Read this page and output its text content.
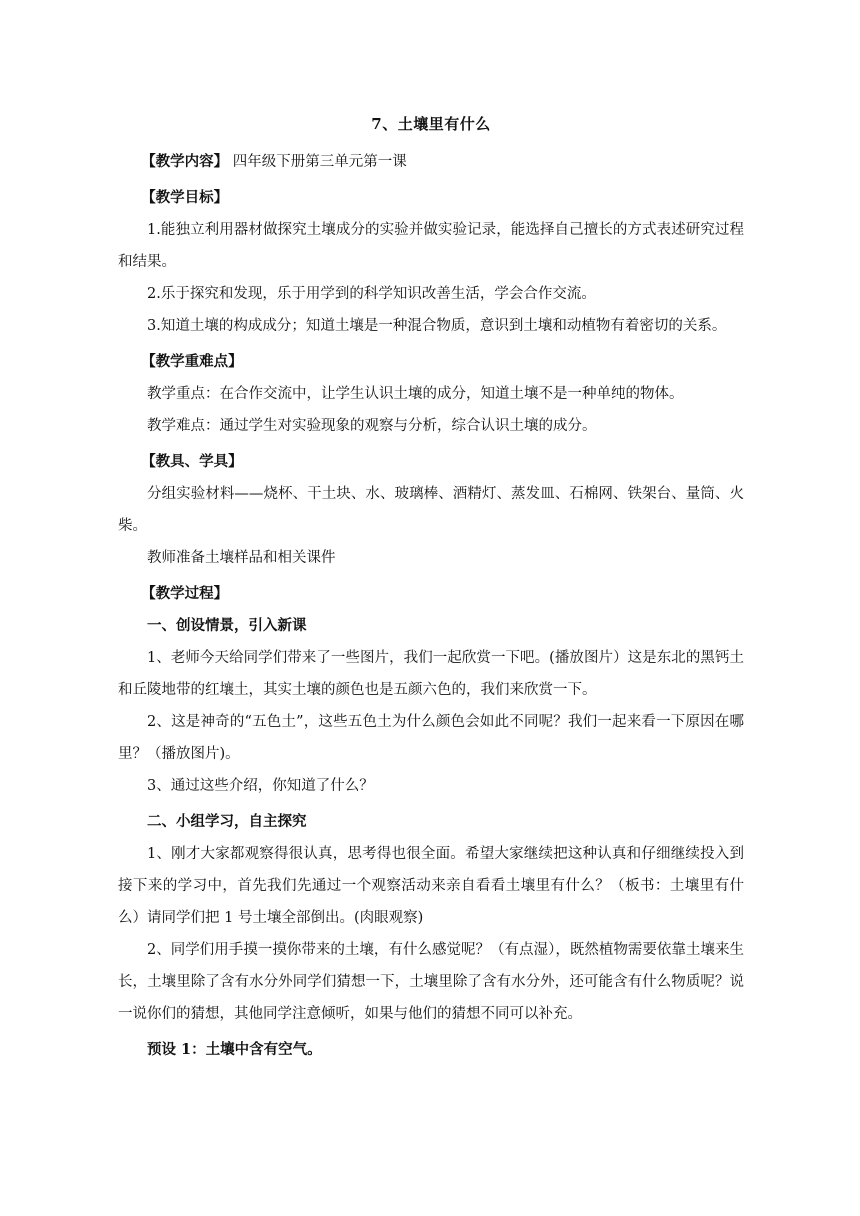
7、土壤里有什么

【教学内容】 四年级下册第三单元第一课

【教学目标】

1.能独立利用器材做探究土壤成分的实验并做实验记录，能选择自己擅长的方式表述研究过程和结果。

2.乐于探究和发现，乐于用学到的科学知识改善生活，学会合作交流。

3.知道土壤的构成成分；知道土壤是一种混合物质，意识到土壤和动植物有着密切的关系。

【教学重难点】

教学重点：在合作交流中，让学生认识土壤的成分，知道土壤不是一种单纯的物体。

教学难点：通过学生对实验现象的观察与分析，综合认识土壤的成分。

【教具、学具】

分组实验材料——烧杯、干土块、水、玻璃棒、酒精灯、蒸发皿、石棉网、铁架台、量筒、火柴。

教师准备土壤样品和相关课件

【教学过程】

一、创设情景，引入新课

1、老师今天给同学们带来了一些图片，我们一起欣赏一下吧。(播放图片）这是东北的黑钙土和丘陵地带的红壤土，其实土壤的颜色也是五颜六色的，我们来欣赏一下。

2、这是神奇的“五色土”，这些五色土为什么颜色会如此不同呢？我们一起来看一下原因在哪里？（播放图片)。

3、通过这些介绍，你知道了什么？

二、小组学习，自主探究

1、刚才大家都观察得很认真，思考得也很全面。希望大家继续把这种认真和仔细继续投入到接下来的学习中，首先我们先通过一个观察活动来亲自看看土壤里有什么？（板书：土壤里有什么）请同学们把 1 号土壤全部倒出。(肉眼观察)

2、同学们用手摸一摸你带来的土壤，有什么感觉呢？（有点湿），既然植物需要依靠土壤来生长，土壤里除了含有水分外同学们猜想一下，土壤里除了含有水分外，还可能含有什么物质呢？说一说你们的猜想，其他同学注意倾听，如果与他们的猜想不同可以补充。

预设 1：土壤中含有空气。
